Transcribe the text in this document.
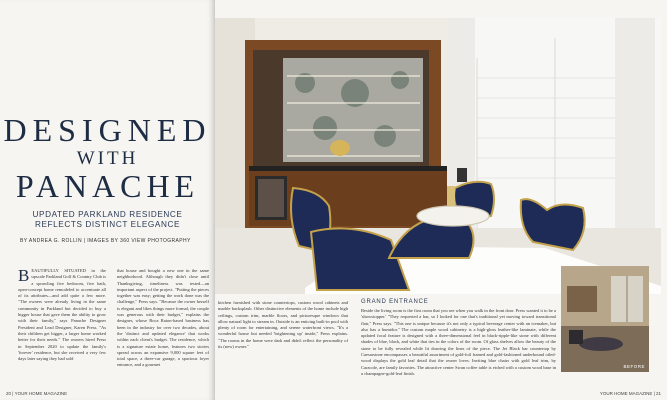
DESIGNED
WITH
PANACHE
UPDATED PARKLAND RESIDENCE
REFLECTS DISTINCT ELEGANCE
BY ANDREA G. ROLLIN | IMAGES BY 360 VIEW PHOTOGRAPHY
BEAUTIFULLY SITUATED in the upscale Parkland Golf & Country Club is a sprawling five bedroom, five bath, open-concept home remodeled to accentuate all of its attributes—and add quite a few more. "The owners were already living in the same community in Parkland but decided to buy a bigger house that gave them the ability to grow with their family," says Panache Designer President and Lead Designer, Karen Press. "As their children get bigger, a larger home worked better for their needs." The owners hired Press in September 2020 to update the family's 'forever' residence, but she received a very few days later saying they had sold
that house and bought a new one in the same neighborhood. Although they didn't close until Thanksgiving, timeliness was tested—an important aspect of the project. "Putting the pieces together was easy; getting the work done was the challenge," Press says. "Because the owner herself is elegant and likes things more formal, the couple was generous with their budget," explains the designer, whose Boca Raton-based business has been in the industry for over two decades, about the 'distinct and updated elegance' that works within each client's budget. The residence, which is a signature estate home, features two stories spread across an expansive 9,000 square feet of total space, a three-car garage, a spacious foyer entrance, and a gourmet
20 | YOUR HOME MAGAZINE
kitchen furnished with stone countertops, custom wood cabinets and marble backsplash. Other distinctive elements of the home include high ceilings, custom trim, marble floors, and picturesque windows that allow natural light to stream in. Outside is an enticing built-in pool with plenty of room for entertaining, and serene waterfront views. "It's a wonderful house but needed 'brightening up' inside," Press explains. "The rooms in the home were dark and didn't reflect the personality of its (new) owner."
GRAND ENTRANCE
Beside the living room is the first room that you see when you walk in the front door. Press wanted it to be a 'showstopper.' "They requested a bar, so I looked for one that's traditional yet moving toward transitional flair," Press says. "This one is unique because it's not only a typical beverage center with an icemaker, but also has a humidor." The custom maple wood cabinetry is a high-gloss leather-like laminate, while the updated focal feature is designed with a three-dimensional feel in black-ripple-like stone with different shades of blue, black, and white that ties in the colors of the room. Of glass shelves allow the beauty of the stone to be fully revealed while lit drawing the lines of the piece. The Jet Black bar countertop by Caesarstone encompasses a beautiful assortment of gold-foil framed and gold-fashioned underbound oiled-wood displays the gold leaf detail that the owner loves. Inviting blue chairs with gold leaf trim, by Caracole, are family favorites. The attractive center Swan coffee table is etched with a custom wood base in a champagne-gold-leaf finish.
BEFORE
YOUR HOME MAGAZINE | 21
